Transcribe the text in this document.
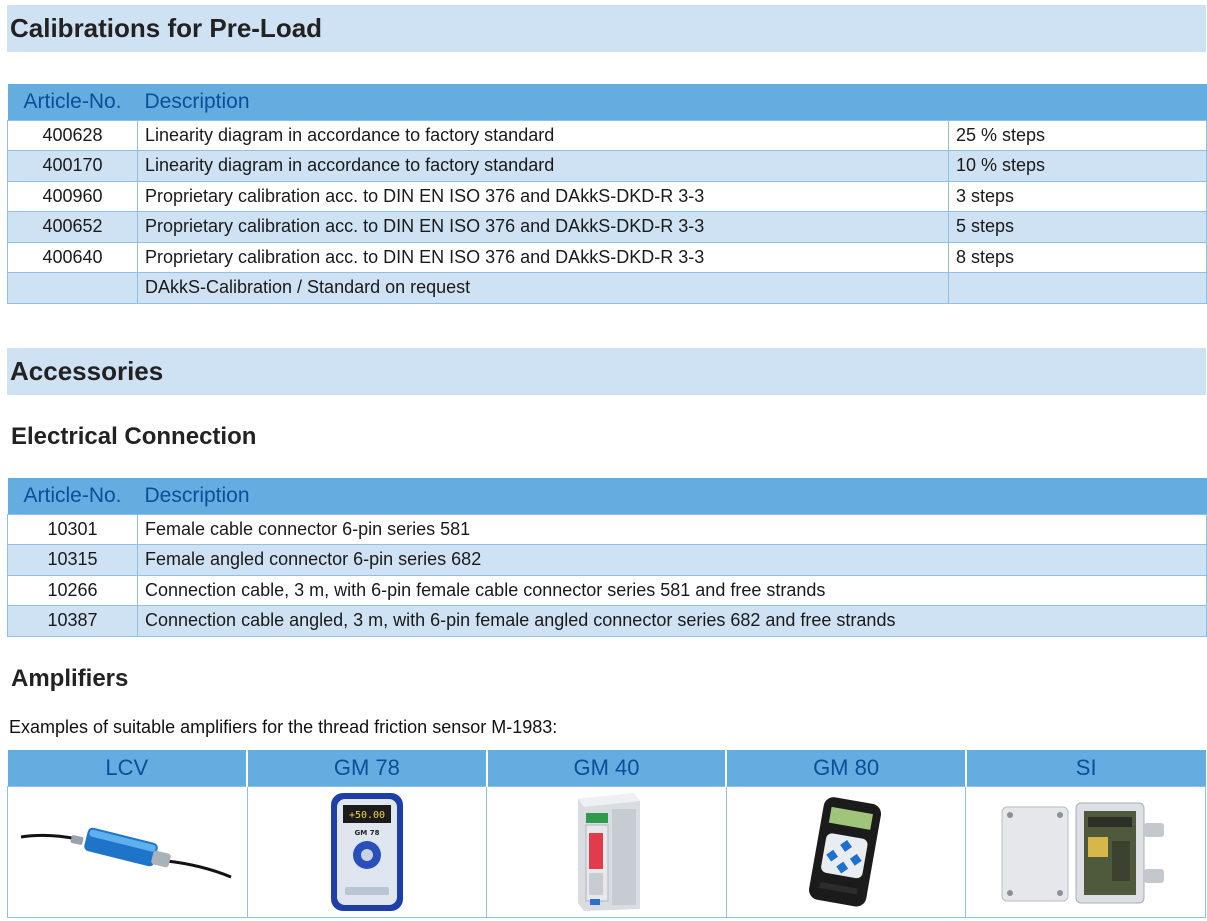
Calibrations for Pre-Load
Article-No.	Description	
400628	Linearity diagram in accordance to factory standard	25 % steps
400170	Linearity diagram in accordance to factory standard	10 % steps
400960	Proprietary calibration acc. to DIN EN ISO 376 and DAkkS-DKD-R 3-3	3 steps
400652	Proprietary calibration acc. to DIN EN ISO 376 and DAkkS-DKD-R 3-3	5 steps
400640	Proprietary calibration acc. to DIN EN ISO 376 and DAkkS-DKD-R 3-3	8 steps
	DAkkS-Calibration / Standard on request	
Accessories
Electrical Connection
Article-No.	Description
10301	Female cable connector 6-pin series 581
10315	Female angled connector 6-pin series 682
10266	Connection cable, 3 m, with 6-pin female cable connector series 581 and free strands
10387	Connection cable angled, 3 m, with 6-pin female angled connector series 682 and free strands
Amplifiers
Examples of suitable amplifiers for the thread friction sensor M-1983:
LCV	GM 78	GM 40	GM 80	SI

+50.00
GM 78
